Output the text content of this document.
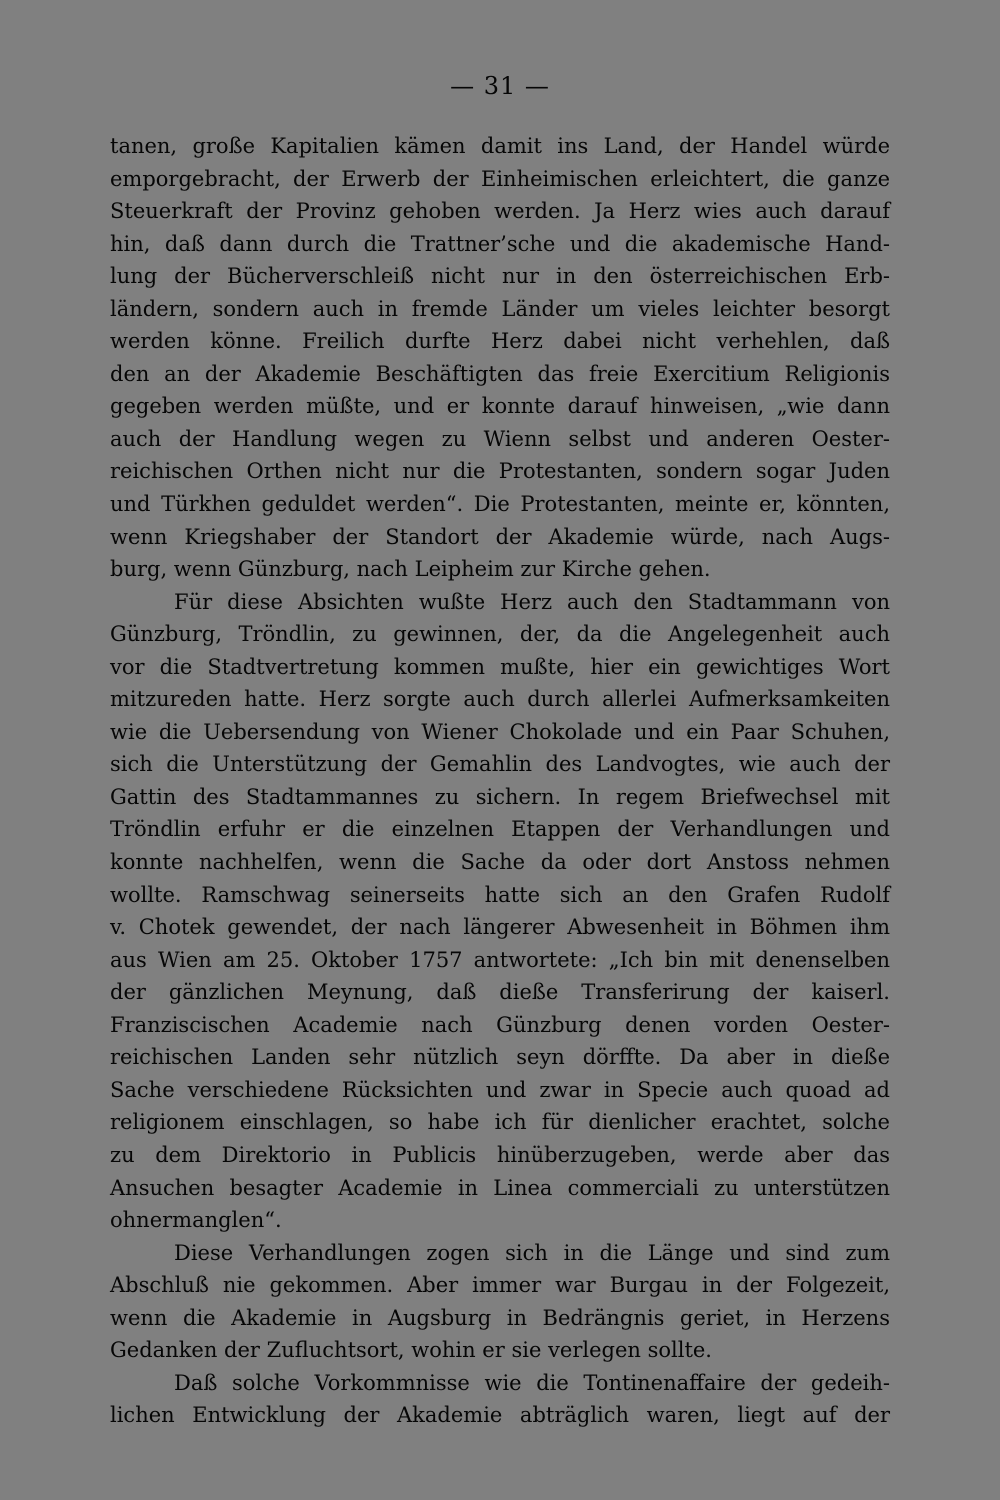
— 31 —
tanen, große Kapitalien kämen damit ins Land, der Handel würde
emporgebracht, der Erwerb der Einheimischen erleichtert, die ganze
Steuerkraft der Provinz gehoben werden. Ja Herz wies auch darauf
hin, daß dann durch die Trattner’sche und die akademische Hand-
lung der Bücherverschleiß nicht nur in den österreichischen Erb-
ländern, sondern auch in fremde Länder um vieles leichter besorgt
werden könne. Freilich durfte Herz dabei nicht verhehlen, daß
den an der Akademie Beschäftigten das freie Exercitium Religionis
gegeben werden müßte, und er konnte darauf hinweisen, „wie dann
auch der Handlung wegen zu Wienn selbst und anderen Oester-
reichischen Orthen nicht nur die Protestanten, sondern sogar Juden
und Türkhen geduldet werden“. Die Protestanten, meinte er, könnten,
wenn Kriegshaber der Standort der Akademie würde, nach Augs-
burg, wenn Günzburg, nach Leipheim zur Kirche gehen.
Für diese Absichten wußte Herz auch den Stadtammann von
Günzburg, Tröndlin, zu gewinnen, der, da die Angelegenheit auch
vor die Stadtvertretung kommen mußte, hier ein gewichtiges Wort
mitzureden hatte. Herz sorgte auch durch allerlei Aufmerksamkeiten
wie die Uebersendung von Wiener Chokolade und ein Paar Schuhen,
sich die Unterstützung der Gemahlin des Landvogtes, wie auch der
Gattin des Stadtammannes zu sichern. In regem Briefwechsel mit
Tröndlin erfuhr er die einzelnen Etappen der Verhandlungen und
konnte nachhelfen, wenn die Sache da oder dort Anstoss nehmen
wollte. Ramschwag seinerseits hatte sich an den Grafen Rudolf
v. Chotek gewendet, der nach längerer Abwesenheit in Böhmen ihm
aus Wien am 25. Oktober 1757 antwortete: „Ich bin mit denenselben
der gänzlichen Meynung, daß dieße Transferirung der kaiserl.
Franziscischen Academie nach Günzburg denen vorden Oester-
reichischen Landen sehr nützlich seyn dörffte. Da aber in dieße
Sache verschiedene Rücksichten und zwar in Specie auch quoad ad
religionem einschlagen, so habe ich für dienlicher erachtet, solche
zu dem Direktorio in Publicis hinüberzugeben, werde aber das
Ansuchen besagter Academie in Linea commerciali zu unterstützen
ohnermanglen“.
Diese Verhandlungen zogen sich in die Länge und sind zum
Abschluß nie gekommen. Aber immer war Burgau in der Folgezeit,
wenn die Akademie in Augsburg in Bedrängnis geriet, in Herzens
Gedanken der Zufluchtsort, wohin er sie verlegen sollte.
Daß solche Vorkommnisse wie die Tontinenaffaire der gedeih-
lichen Entwicklung der Akademie abträglich waren, liegt auf der
